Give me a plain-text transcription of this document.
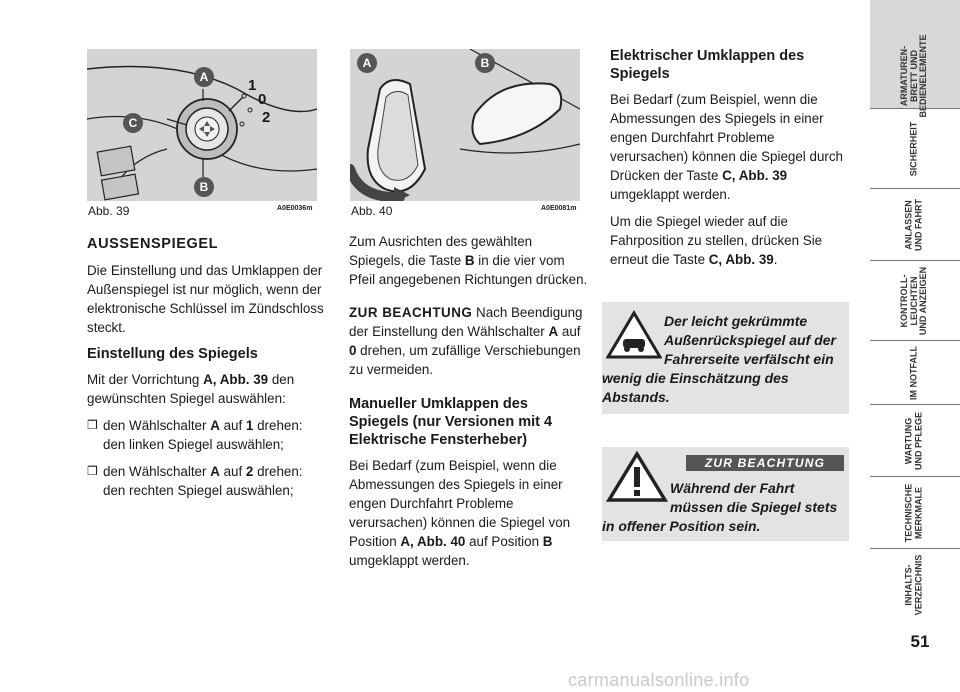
A
C
B
1
0
2
Abb. 39	A0E0036m
A	B
Abb. 40	A0E0081m
AUSSENSPIEGEL

Die Einstellung und das Umklappen der Außenspiegel ist nur möglich, wenn der elektronische Schlüssel im Zündschloss steckt.

Einstellung des Spiegels

Mit der Vorrichtung A, Abb. 39 den gewünschten Spiegel auswählen:

❒ den Wählschalter A auf 1 drehen: den linken Spiegel auswählen;
❒ den Wählschalter A auf 2 drehen: den rechten Spiegel auswählen;

Zum Ausrichten des gewählten Spiegels, die Taste B in die vier vom Pfeil angegebenen Richtungen drücken.

ZUR BEACHTUNG Nach Beendigung der Einstellung den Wählschalter A auf 0 drehen, um zufällige Verschiebungen zu vermeiden.

Manueller Umklappen des Spiegels (nur Versionen mit 4 Elektrische Fensterheber)

Bei Bedarf (zum Beispiel, wenn die Abmessungen des Spiegels in einer engen Durchfahrt Probleme verursachen) können die Spiegel von Position A, Abb. 40 auf Position B umgeklappt werden.

Elektrischer Umklappen des Spiegels

Bei Bedarf (zum Beispiel, wenn die Abmessungen des Spiegels in einer engen Durchfahrt Probleme verursachen) können die Spiegel durch Drücken der Taste C, Abb. 39 umgeklappt werden.

Um die Spiegel wieder auf die Fahrposition zu stellen, drücken Sie erneut die Taste C, Abb. 39.

Der leicht gekrümmte Außenrückspiegel auf der Fahrerseite verfälscht ein wenig die Einschätzung des Abstands.
ZUR BEACHTUNG
Während der Fahrt müssen die Spiegel stets in offener Position sein.
ARMATUREN-
BRETT UND
BEDIENELEMENTE
SICHERHEIT
ANLASSEN
UND FAHRT
KONTROLL-
LEUCHTEN
UND ANZEIGEN
IM NOTFALL
WARTUNG
UND PFLEGE
TECHNISCHE
MERKMALE
INHALTS-
VERZEICHNIS
51
carmanualsonline.info
